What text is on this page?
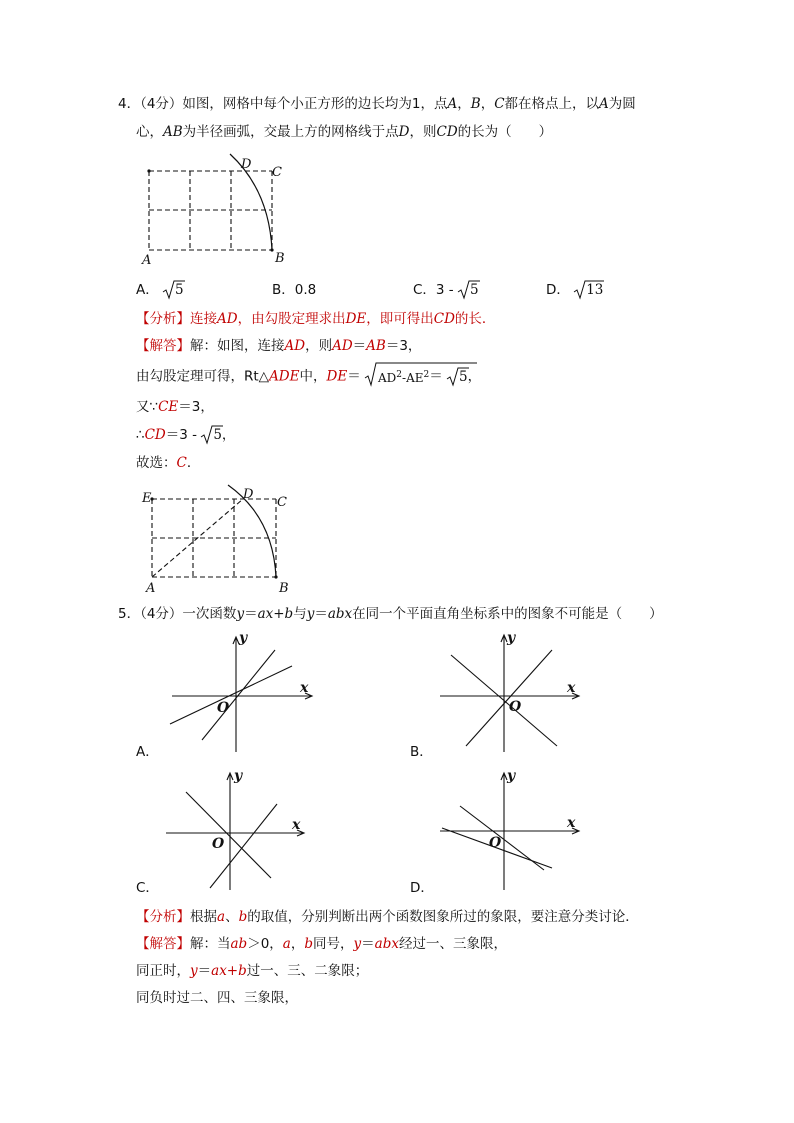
4．（4分）如图，网格中每个小正方形的边长均为1，点A，B，C都在格点上，以A为圆
心，AB为半径画弧，交最上方的网格线于点D，则CD的长为（　　）
A	B
C
D
A． 5	B．0.8	C．3 - 5	D． 13
【分析】连接AD，由勾股定理求出DE，即可得出CD的长．
【解答】解：如图，连接AD，则AD＝AB＝3，
由勾股定理可得，Rt△ADE中，$DE= AD^2-AE^2= 5$，
又∵CE＝3，
∴CD＝3 - 5，
故选：C．
E
A	B
C
D
5．（4分）一次函数y＝ax+b与y＝abx在同一个平面直角坐标系中的图象不可能是（　　）
x
y
O
A．
x
y
O
B．
x
y
O
C．
x
y
O
D．
【分析】根据a、b的取值，分别判断出两个函数图象所过的象限，要注意分类讨论．
【解答】解：当ab＞0，a，b同号，y＝abx经过一、三象限，
同正时，y＝ax+b过一、三、二象限；
同负时过二、四、三象限，
